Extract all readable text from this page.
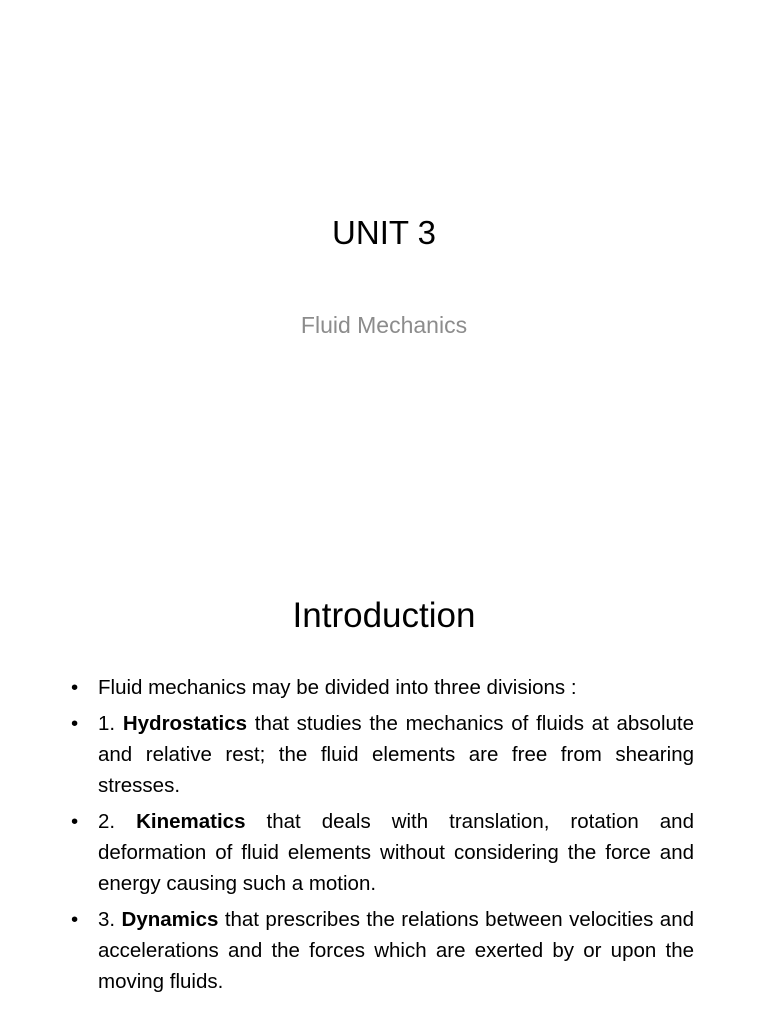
UNIT 3
Fluid Mechanics
Introduction
• Fluid mechanics may be divided into three divisions :
• 1. Hydrostatics that studies the mechanics of fluids at absolute and relative rest; the fluid elements are free from shearing stresses.
• 2. Kinematics that deals with translation, rotation and deformation of fluid elements without considering the force and energy causing such a motion.
• 3. Dynamics that prescribes the relations between velocities and accelerations and the forces which are exerted by or upon the moving fluids.
